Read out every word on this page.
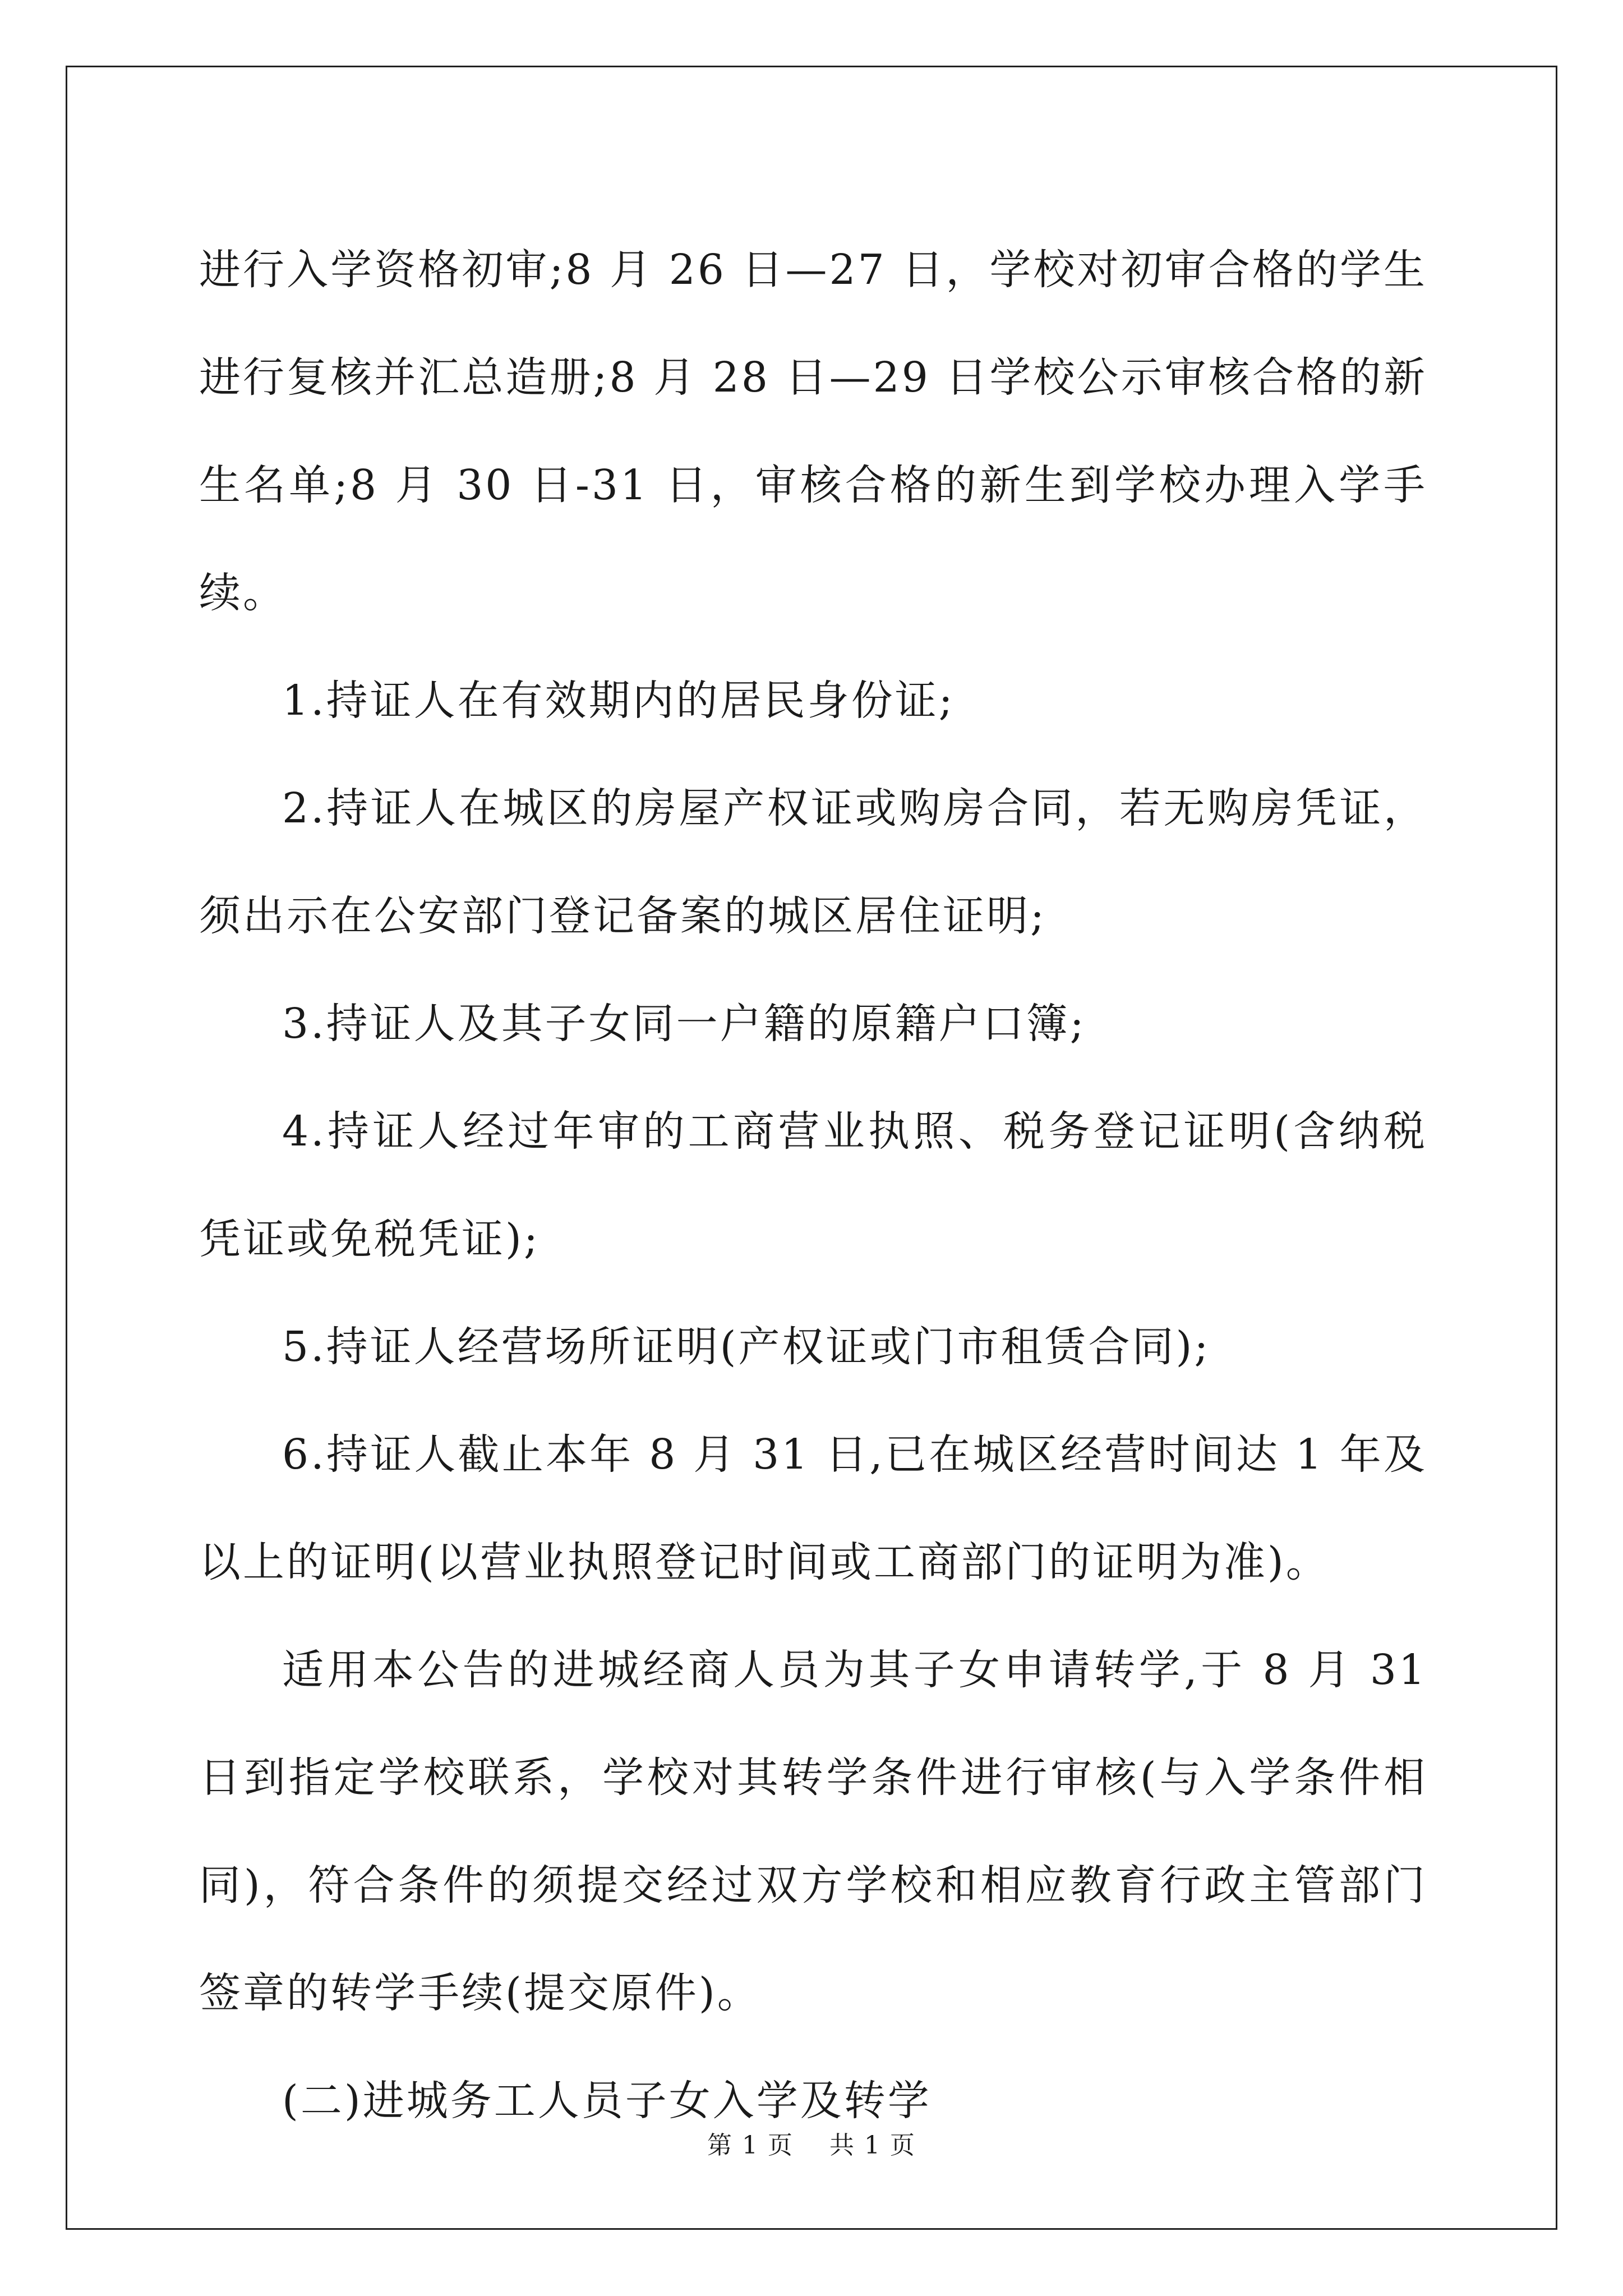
进行入学资格初审;8 月 26 日—27 日，学校对初审合格的学生进行复核并汇总造册;8 月 28 日—29 日学校公示审核合格的新生名单;8 月 30 日-31 日，审核合格的新生到学校办理入学手续。

1.持证人在有效期内的居民身份证;

2.持证人在城区的房屋产权证或购房合同，若无购房凭证，须出示在公安部门登记备案的城区居住证明;

3.持证人及其子女同一户籍的原籍户口簿;

4.持证人经过年审的工商营业执照、税务登记证明(含纳税凭证或免税凭证);

5.持证人经营场所证明(产权证或门市租赁合同);

6.持证人截止本年 8 月 31 日,已在城区经营时间达 1 年及以上的证明(以营业执照登记时间或工商部门的证明为准)。

适用本公告的进城经商人员为其子女申请转学,于 8 月 31 日到指定学校联系，学校对其转学条件进行审核(与入学条件相同)，符合条件的须提交经过双方学校和相应教育行政主管部门签章的转学手续(提交原件)。

(二)进城务工人员子女入学及转学

第 1 页 共 1 页
